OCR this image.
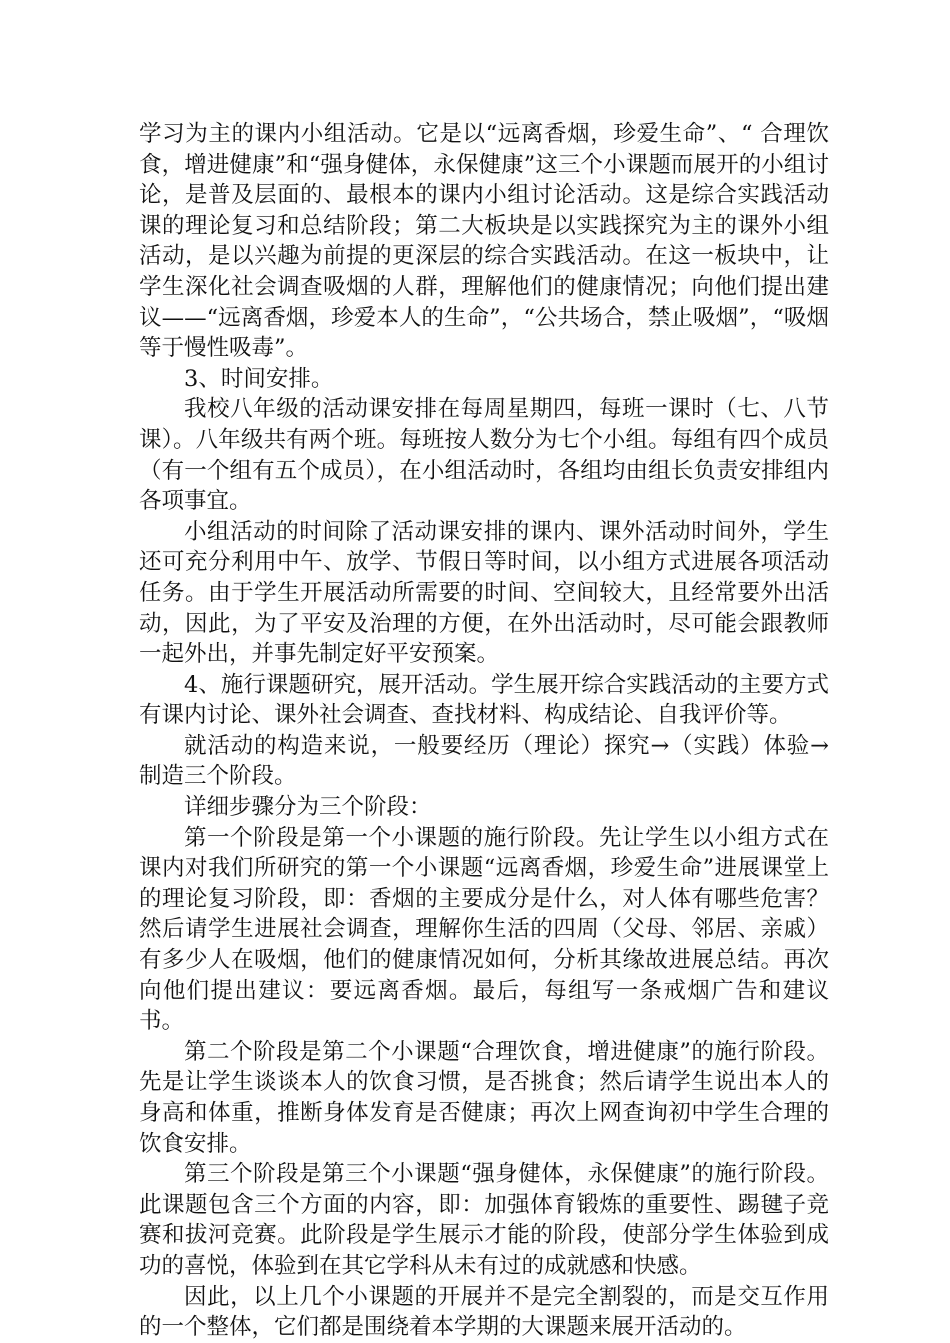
学习为主的课内小组活动。它是以“远离香烟，珍爱生命”、“ 合理饮食，增进健康”和“强身健体，永保健康”这三个小课题而展开的小组讨论，是普及层面的、最根本的课内小组讨论活动。这是综合实践活动课的理论复习和总结阶段；第二大板块是以实践探究为主的课外小组活动，是以兴趣为前提的更深层的综合实践活动。在这一板块中，让学生深化社会调查吸烟的人群，理解他们的健康情况；向他们提出建议——“远离香烟，珍爱本人的生命”，“公共场合，禁止吸烟”，“吸烟等于慢性吸毒”。

3、时间安排。

我校八年级的活动课安排在每周星期四，每班一课时（七、八节课）。八年级共有两个班。每班按人数分为七个小组。每组有四个成员（有一个组有五个成员），在小组活动时，各组均由组长负责安排组内各项事宜。

小组活动的时间除了活动课安排的课内、课外活动时间外，学生还可充分利用中午、放学、节假日等时间，以小组方式进展各项活动任务。由于学生开展活动所需要的时间、空间较大，且经常要外出活动，因此，为了平安及治理的方便，在外出活动时，尽可能会跟教师一起外出，并事先制定好平安预案。

4、施行课题研究，展开活动。学生展开综合实践活动的主要方式有课内讨论、课外社会调查、查找材料、构成结论、自我评价等。

就活动的构造来说，一般要经历（理论）探究→（实践）体验→制造三个阶段。

详细步骤分为三个阶段：

第一个阶段是第一个小课题的施行阶段。先让学生以小组方式在课内对我们所研究的第一个小课题“远离香烟，珍爱生命”进展课堂上的理论复习阶段，即：香烟的主要成分是什么，对人体有哪些危害？然后请学生进展社会调查，理解你生活的四周（父母、邻居、亲戚）有多少人在吸烟，他们的健康情况如何，分析其缘故进展总结。再次向他们提出建议：要远离香烟。最后，每组写一条戒烟广告和建议书。

第二个阶段是第二个小课题“合理饮食，增进健康”的施行阶段。先是让学生谈谈本人的饮食习惯，是否挑食；然后请学生说出本人的身高和体重，推断身体发育是否健康；再次上网查询初中学生合理的饮食安排。

第三个阶段是第三个小课题“强身健体，永保健康”的施行阶段。此课题包含三个方面的内容，即：加强体育锻炼的重要性、踢毽子竞赛和拔河竞赛。此阶段是学生展示才能的阶段，使部分学生体验到成功的喜悦，体验到在其它学科从未有过的成就感和快感。

因此，以上几个小课题的开展并不是完全割裂的，而是交互作用的一个整体，它们都是围绕着本学期的大课题来展开活动的。
